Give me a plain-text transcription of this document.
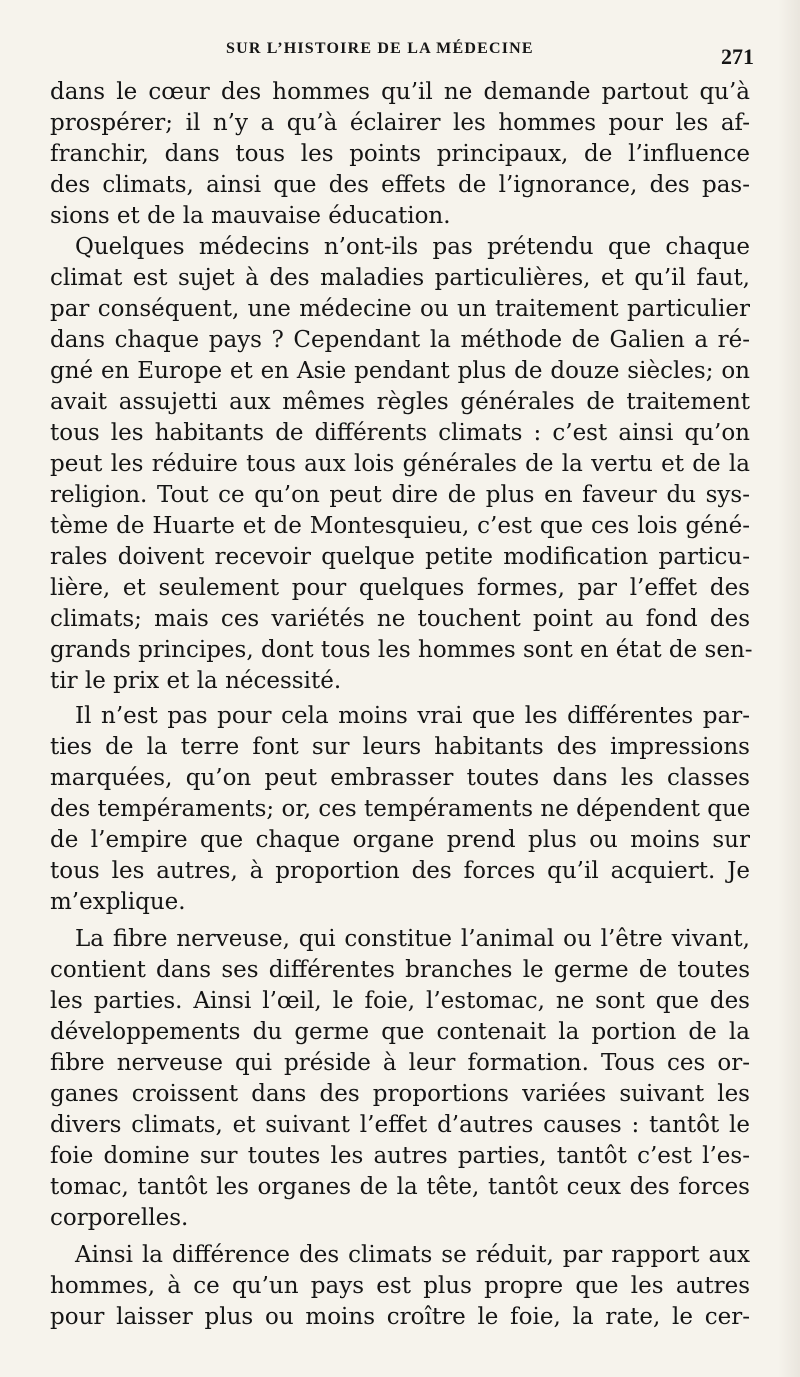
SUR L’HISTOIRE DE LA MÉDECINE	271
dans le cœur des hommes qu’il ne demande partout qu’à
prospérer; il n’y a qu’à éclairer les hommes pour les af-
franchir, dans tous les points principaux, de l’influence
des climats, ainsi que des effets de l’ignorance, des pas-
sions et de la mauvaise éducation.
Quelques médecins n’ont-ils pas prétendu que chaque
climat est sujet à des maladies particulières, et qu’il faut,
par conséquent, une médecine ou un traitement particulier
dans chaque pays ? Cependant la méthode de Galien a ré-
gné en Europe et en Asie pendant plus de douze siècles; on
avait assujetti aux mêmes règles générales de traitement
tous les habitants de différents climats : c’est ainsi qu’on
peut les réduire tous aux lois générales de la vertu et de la
religion. Tout ce qu’on peut dire de plus en faveur du sys-
tème de Huarte et de Montesquieu, c’est que ces lois géné-
rales doivent recevoir quelque petite modification particu-
lière, et seulement pour quelques formes, par l’effet des
climats; mais ces variétés ne touchent point au fond des
grands principes, dont tous les hommes sont en état de sen-
tir le prix et la nécessité.
Il n’est pas pour cela moins vrai que les différentes par-
ties de la terre font sur leurs habitants des impressions
marquées, qu’on peut embrasser toutes dans les classes
des tempéraments; or, ces tempéraments ne dépendent que
de l’empire que chaque organe prend plus ou moins sur
tous les autres, à proportion des forces qu’il acquiert. Je
m’explique.
La fibre nerveuse, qui constitue l’animal ou l’être vivant,
contient dans ses différentes branches le germe de toutes
les parties. Ainsi l’œil, le foie, l’estomac, ne sont que des
développements du germe que contenait la portion de la
fibre nerveuse qui préside à leur formation. Tous ces or-
ganes croissent dans des proportions variées suivant les
divers climats, et suivant l’effet d’autres causes : tantôt le
foie domine sur toutes les autres parties, tantôt c’est l’es-
tomac, tantôt les organes de la tête, tantôt ceux des forces
corporelles.
Ainsi la différence des climats se réduit, par rapport aux
hommes, à ce qu’un pays est plus propre que les autres
pour laisser plus ou moins croître le foie, la rate, le cer-
